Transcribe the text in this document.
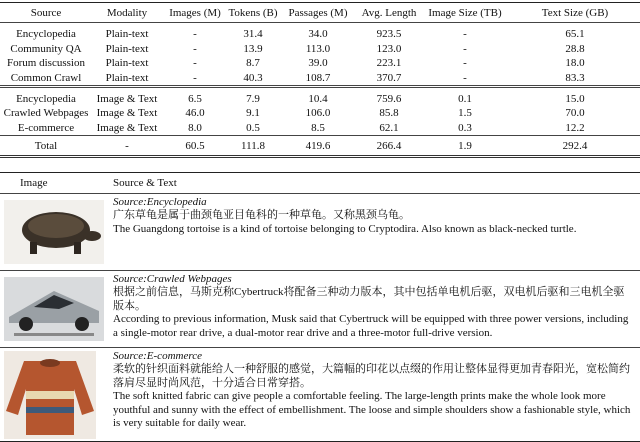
Source	Modality	Images (M)	Tokens (B)	Passages (M)	Avg. Length	Image Size (TB)	Text Size (GB)
Encyclopedia	Plain-text	-	31.4	34.0	923.5	-	65.1
Community QA	Plain-text	-	13.9	113.0	123.0	-	28.8
Forum discussion	Plain-text	-	8.7	39.0	223.1	-	18.0
Common Crawl	Plain-text	-	40.3	108.7	370.7	-	83.3
Encyclopedia	Image & Text	6.5	7.9	10.4	759.6	0.1	15.0
Crawled Webpages	Image & Text	46.0	9.1	106.0	85.8	1.5	70.0
E-commerce	Image & Text	8.0	0.5	8.5	62.1	0.3	12.2
Total	-	60.5	111.8	419.6	266.4	1.9	292.4
Image	Source & Text
Source:Encyclopedia
广东草龟是属于曲颈龟亚目龟科的一种草龟。又称黑颈乌龟。
The Guangdong tortoise is a kind of tortoise belonging to Cryptodira. Also known as black-necked turtle.
Source:Crawled Webpages
根据之前信息，马斯克称Cybertruck将配备三种动力版本，其中包括单电机后驱，双电机后驱和三电机全驱版本。
According to previous information, Musk said that Cybertruck will be equipped with three power versions, including a single-motor rear drive, a dual-motor rear drive and a three-motor full-drive version.
Source:E-commerce
柔软的针织面料就能给人一种舒服的感觉，大篇幅的印花以点缀的作用让整体显得更加青春阳光，宽松简约落肩尽显时尚风范，十分适合日常穿搭。
The soft knitted fabric can give people a comfortable feeling. The large-length prints make the whole look more youthful and sunny with the effect of embellishment. The loose and simple shoulders show a fashionable style, which is very suitable for daily wear.
